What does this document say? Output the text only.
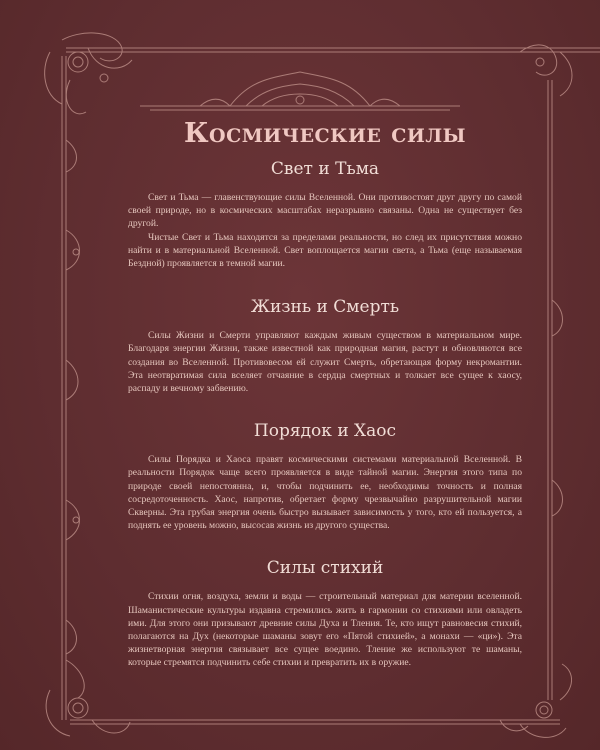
Космические силы
Свет и Тьма

Свет и Тьма — главенствующие силы Вселенной. Они противостоят друг другу по самой своей природе, но в космических масштабах неразрывно связаны. Одна не существует без другой.

Чистые Свет и Тьма находятся за пределами реальности, но след их присутствия можно найти и в материальной Вселенной. Свет воплощается магии света, а Тьма (еще называемая Бездной) проявляется в темной магии.

Жизнь и Смерть

Силы Жизни и Смерти управляют каждым живым существом в материальном мире. Благодаря энергии Жизни, также известной как природная магия, растут и обновляются все создания во Вселенной. Противовесом ей служит Смерть, обретающая форму некромантии. Эта неотвратимая сила вселяет отчаяние в сердца смертных и толкает все сущее к хаосу, распаду и вечному забвению.

Порядок и Хаос

Силы Порядка и Хаоса правят космическими системами материальной Вселенной. В реальности Порядок чаще всего проявляется в виде тайной магии. Энергия этого типа по природе своей непостоянна, и, чтобы подчинить ее, необходимы точность и полная сосредоточенность. Хаос, напротив, обретает форму чрезвычайно разрушительной магии Скверны. Эта грубая энергия очень быстро вызывает зависимость у того, кто ей пользуется, а поднять ее уровень можно, высосав жизнь из другого существа.

Силы стихий

Стихии огня, воздуха, земли и воды — строительный материал для материи вселенной. Шаманистические культуры издавна стремились жить в гармонии со стихиями или овладеть ими. Для этого они призывают древние силы Духа и Тления. Те, кто ищут равновесия стихий, полагаются на Дух (некоторые шаманы зовут его «Пятой стихией», а монахи — «ци»). Эта жизнетворная энергия связывает все сущее воедино. Тление же используют те шаманы, которые стремятся подчинить себе стихии и превратить их в оружие.
